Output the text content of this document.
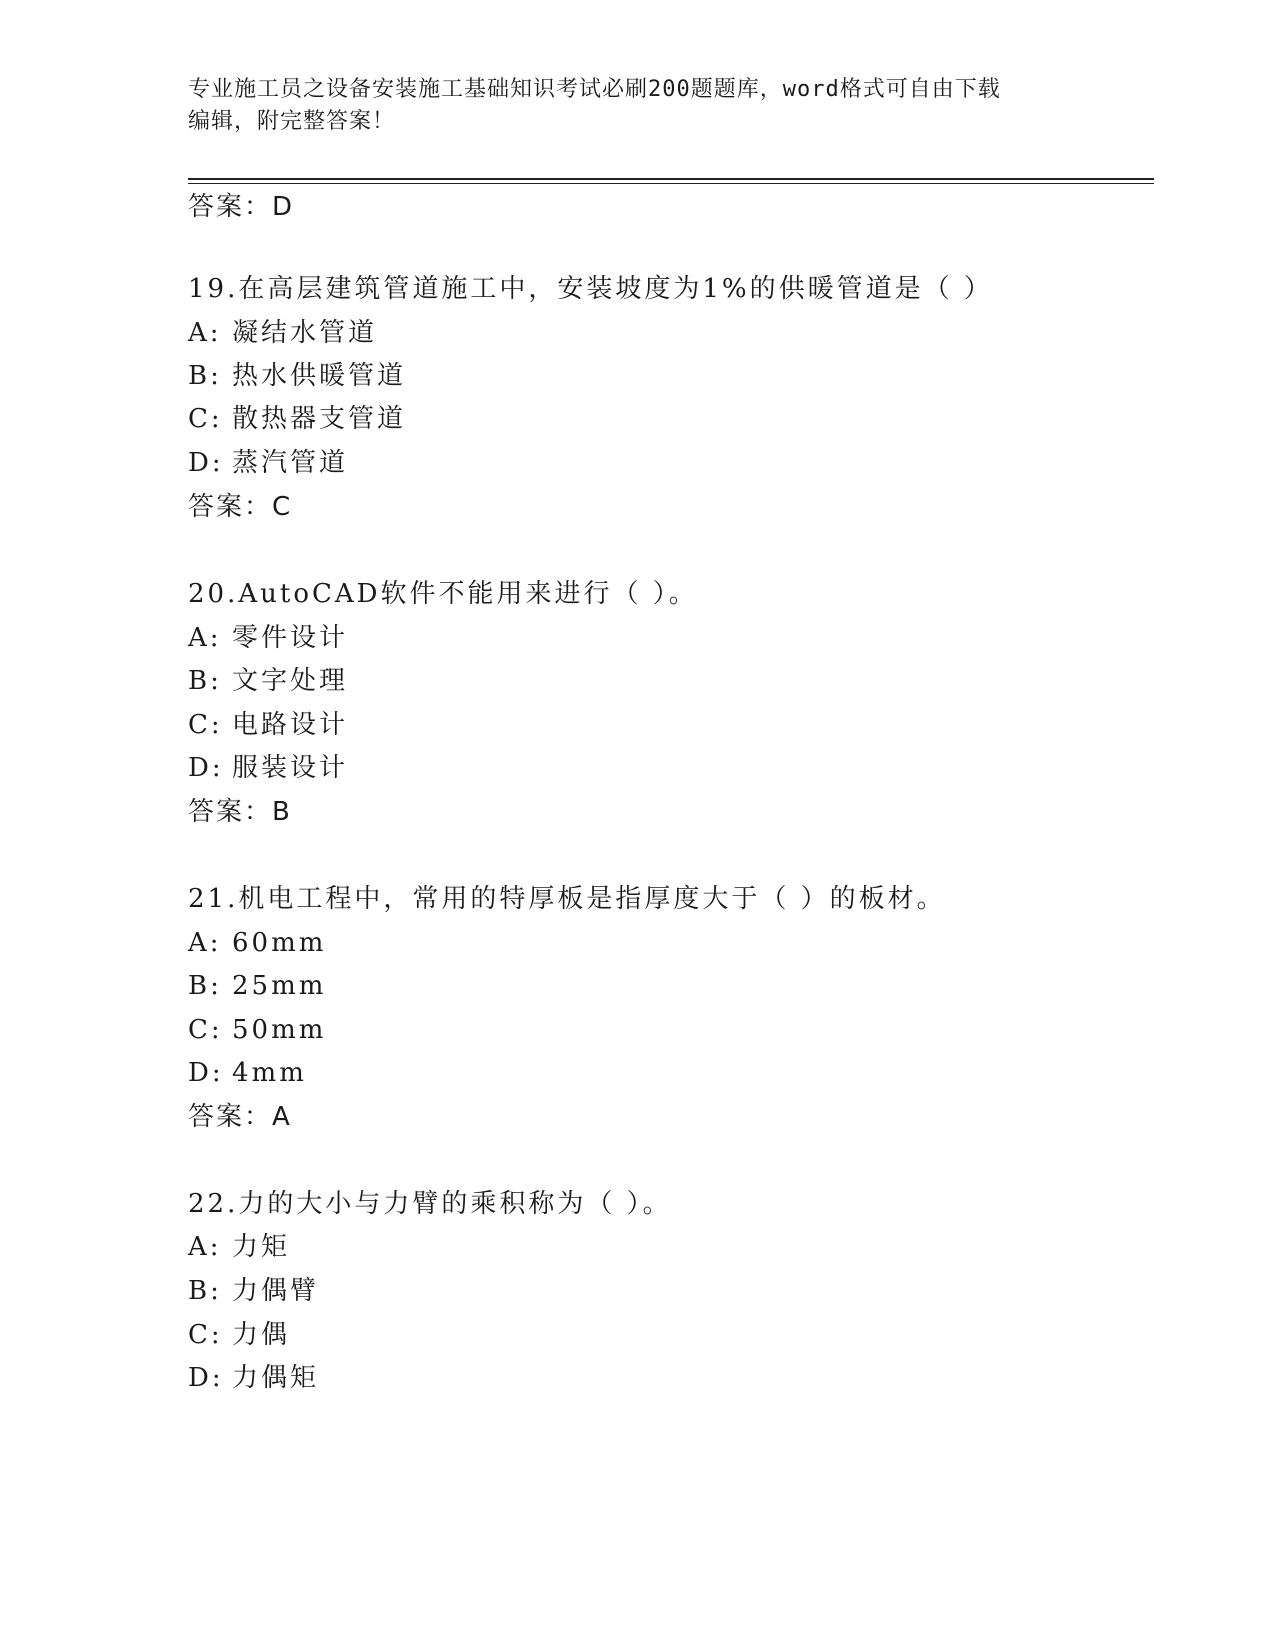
专业施工员之设备安装施工基础知识考试必刷200题题库，word格式可自由下载
编辑，附完整答案！
答案：D
19.在高层建筑管道施工中，安装坡度为1%的供暖管道是（ ）
A: 凝结水管道
B: 热水供暖管道
C: 散热器支管道
D: 蒸汽管道
答案：C
20.AutoCAD软件不能用来进行（ ）。
A: 零件设计
B: 文字处理
C: 电路设计
D: 服装设计
答案：B
21.机电工程中，常用的特厚板是指厚度大于（ ）的板材。
A: 60mm
B: 25mm
C: 50mm
D: 4mm
答案：A
22.力的大小与力臂的乘积称为（ ）。
A: 力矩
B: 力偶臂
C: 力偶
D: 力偶矩
